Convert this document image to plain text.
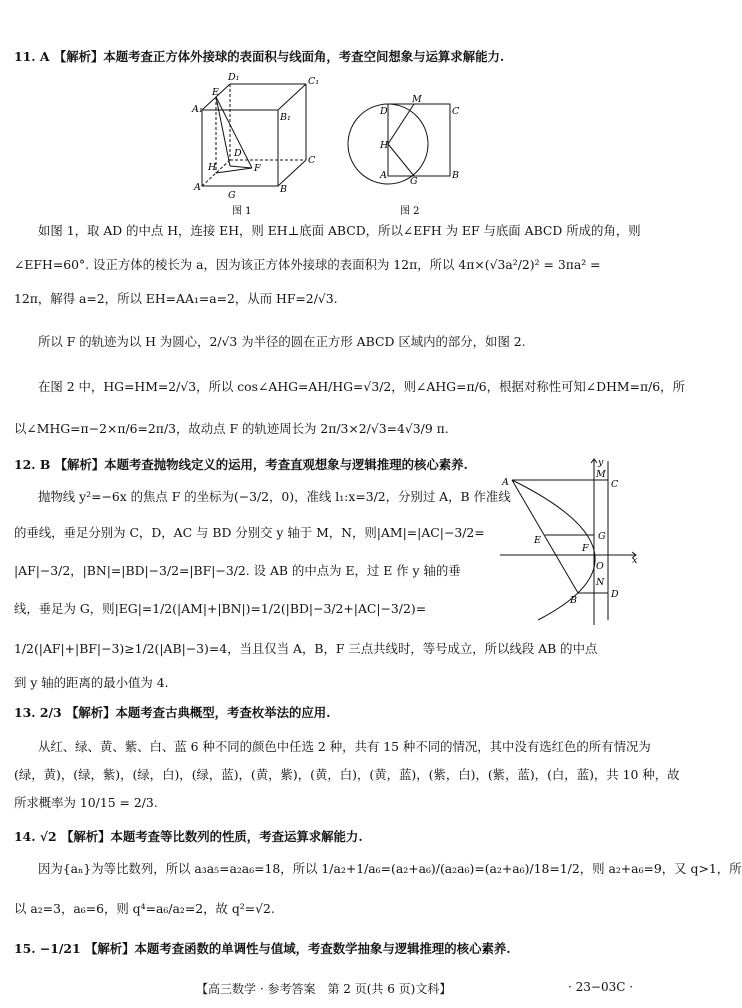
11. A 【解析】本题考查正方体外接球的表面积与线面角，考查空间想象与运算求解能力.
D₁	C₁
A₁
B₁
E
D
C
H	F
A
G
B
图 1
D
M
C
H
A
G
B
图 2
如图 1，取 AD 的中点 H，连接 EH，则 EH⊥底面 ABCD，所以∠EFH 为 EF 与底面 ABCD 所成的角，则
∠EFH=60°. 设正方体的棱长为 a，因为该正方体外接球的表面积为 12π，所以 4π×(√3a²/2)² = 3πa² =
12π，解得 a=2，所以 EH=AA₁=a=2，从而 HF=2/√3.
所以 F 的轨迹为以 H 为圆心，2/√3 为半径的圆在正方形 ABCD 区域内的部分，如图 2.
在图 2 中，HG=HM=2/√3，所以 cos∠AHG=AH/HG=√3/2，则∠AHG=π/6，根据对称性可知∠DHM=π/6，所
以∠MHG=π−2×π/6=2π/3，故动点 F 的轨迹周长为 2π/3×2/√3=4√3/9 π.
12. B 【解析】本题考查抛物线定义的运用，考查直观想象与逻辑推理的核心素养.
抛物线 y²=−6x 的焦点 F 的坐标为(−3/2，0)，准线 l₁:x=3/2，分别过 A，B 作准线
的垂线，垂足分别为 C，D，AC 与 BD 分别交 y 轴于 M，N，则|AM|=|AC|−3/2=
|AF|−3/2，|BN|=|BD|−3/2=|BF|−3/2. 设 AB 的中点为 E，过 E 作 y 轴的垂
线，垂足为 G，则|EG|=1/2(|AM|+|BN|)=1/2(|BD|−3/2+|AC|−3/2)=
y
A
M
C
E	G
F
x
O
N
D
B
1/2(|AF|+|BF|−3)≥1/2(|AB|−3)=4，当且仅当 A，B，F 三点共线时，等号成立，所以线段 AB 的中点
到 y 轴的距离的最小值为 4.
13. 2/3 【解析】本题考查古典概型，考查枚举法的应用.
从红、绿、黄、紫、白、蓝 6 种不同的颜色中任选 2 种，共有 15 种不同的情况，其中没有选红色的所有情况为
(绿，黄)，(绿，紫)，(绿，白)，(绿，蓝)，(黄，紫)，(黄，白)，(黄，蓝)，(紫，白)，(紫，蓝)，(白，蓝)，共 10 种，故
所求概率为 10/15 = 2/3.
14. √2 【解析】本题考查等比数列的性质，考查运算求解能力.
因为{aₙ}为等比数列，所以 a₃a₅=a₂a₆=18，所以 1/a₂+1/a₆=(a₂+a₆)/(a₂a₆)=(a₂+a₆)/18=1/2，则 a₂+a₆=9，又 q>1，所
以 a₂=3，a₆=6，则 q⁴=a₆/a₂=2，故 q²=√2.
15. −1/21 【解析】本题考查函数的单调性与值域，考查数学抽象与逻辑推理的核心素养.
【高三数学 · 参考答案　第 2 页(共 6 页)文科】	· 23−03C ·
